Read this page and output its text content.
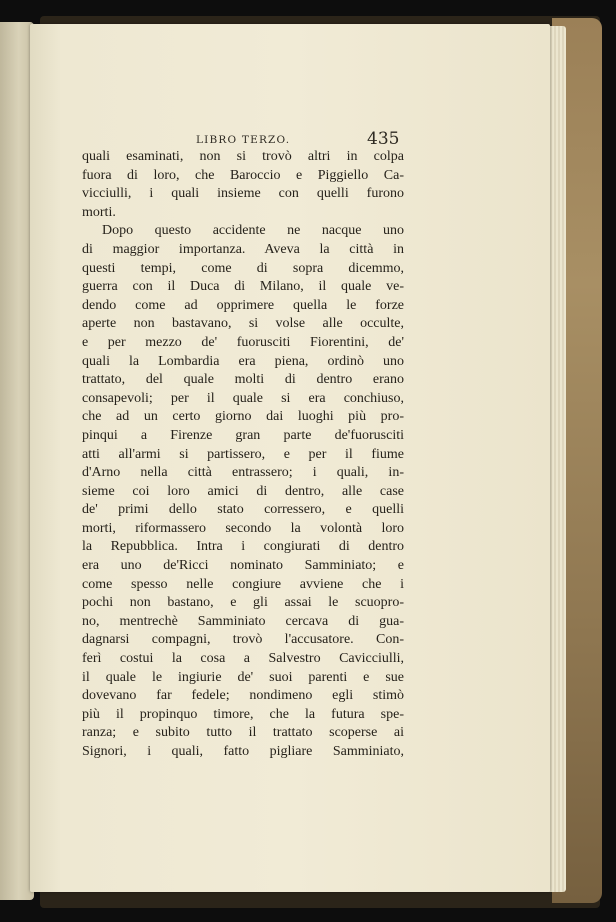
LIBRO TERZO.	435

quali esaminati, non si trovò altri in colpa

fuora di loro, che Baroccio e Piggiello Ca-

vicciulli, i quali insieme con quelli furono

morti.

Dopo questo accidente ne nacque uno

di maggior importanza. Aveva la città in

questi tempi, come di sopra dicemmo,

guerra con il Duca di Milano, il quale ve-

dendo come ad opprimere quella le forze

aperte non bastavano, si volse alle occulte,

e per mezzo de' fuorusciti Fiorentini, de'

quali la Lombardia era piena, ordinò uno

trattato, del quale molti di dentro erano

consapevoli; per il quale si era conchiuso,

che ad un certo giorno dai luoghi più pro-

pinqui a Firenze gran parte de'fuorusciti

atti all'armi si partissero, e per il fiume

d'Arno nella città entrassero; i quali, in-

sieme coi loro amici di dentro, alle case

de' primi dello stato corressero, e quelli

morti, riformassero secondo la volontà loro

la Repubblica. Intra i congiurati di dentro

era uno de'Ricci nominato Samminiato; e

come spesso nelle congiure avviene che i

pochi non bastano, e gli assai le scuopro-

no, mentrechè Samminiato cercava di gua-

dagnarsi compagni, trovò l'accusatore. Con-

ferì costui la cosa a Salvestro Cavicciulli,

il quale le ingiurie de' suoi parenti e sue

dovevano far fedele; nondimeno egli stimò

più il propinquo timore, che la futura spe-

ranza; e subito tutto il trattato scoperse ai

Signori, i quali, fatto pigliare Samminiato,
